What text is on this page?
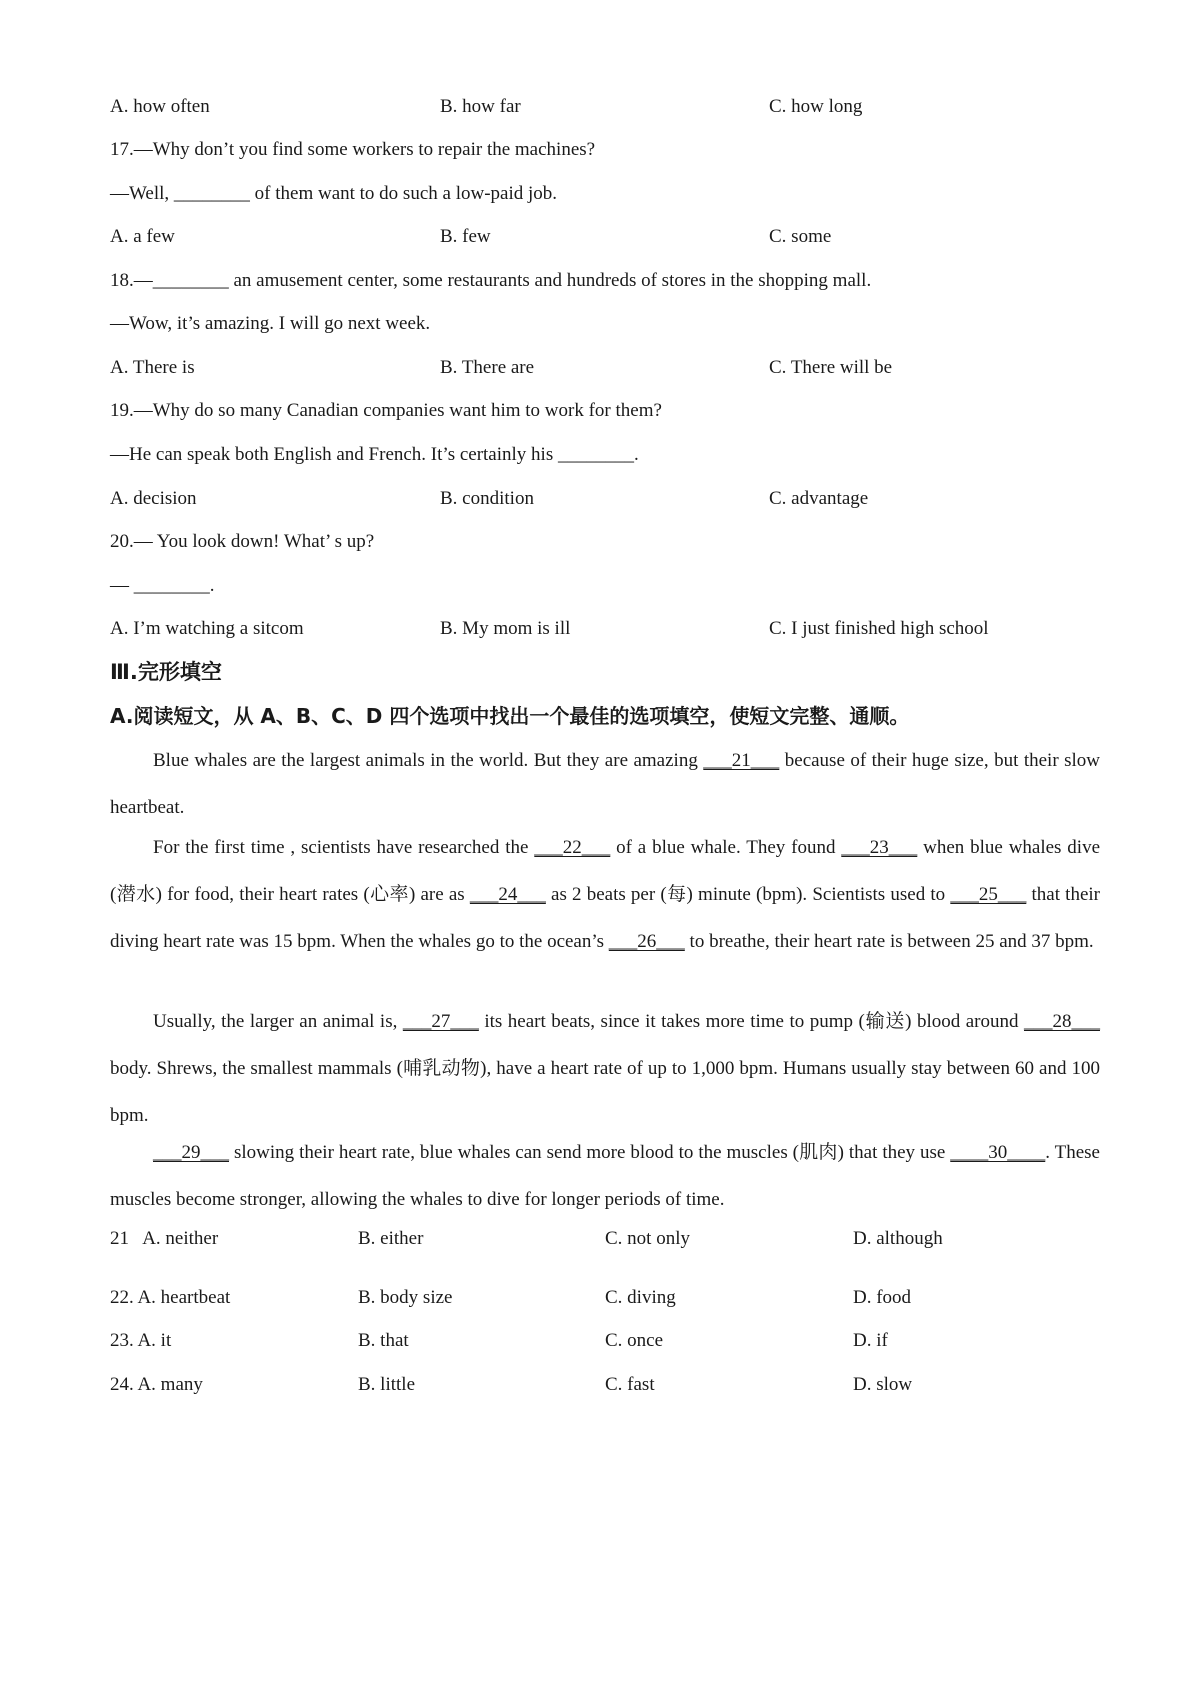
A. how often	B. how far	C. how long
17.—Why don’t you find some workers to repair the machines?
—Well, ________ of them want to do such a low-paid job.
A. a few	B. few	C. some
18.—________ an amusement center, some restaurants and hundreds of stores in the shopping mall.
—Wow, it’s amazing. I will go next week.
A. There is	B. There are	C. There will be
19.—Why do so many Canadian companies want him to work for them?
—He can speak both English and French. It’s certainly his ________.
A. decision	B. condition	C. advantage
20.— You look down! What’ s up?
— ________.
A. I’m watching a sitcom	B. My mom is ill	C. I just finished high school
Ⅲ.完形填空
A.阅读短文，从 A、B、C、D 四个选项中找出一个最佳的选项填空，使短文完整、通顺。
Blue whales are the largest animals in the world. But they are amazing ___21___ because of their huge size, but their slow heartbeat.
For the first time , scientists have researched the ___22___ of a blue whale. They found ___23___ when blue whales dive (潜水) for food, their heart rates (心率) are as ___24___ as 2 beats per (每) minute (bpm). Scientists used to ___25___ that their diving heart rate was 15 bpm. When the whales go to the ocean’s ___26___ to breathe, their heart rate is between 25 and 37 bpm.
Usually, the larger an animal is, ___27___ its heart beats, since it takes more time to pump (输送) blood around ___28___ body. Shrews, the smallest mammals (哺乳动物), have a heart rate of up to 1,000 bpm. Humans usually stay between 60 and 100 bpm.
___29___ slowing their heart rate, blue whales can send more blood to the muscles (肌肉) that they use ____30____. These muscles become stronger, allowing the whales to dive for longer periods of time.
21   A. neither	B. either	C. not only	D. although
22. A. heartbeat	B. body size	C. diving	D. food
23. A. it	B. that	C. once	D. if
24. A. many	B. little	C. fast	D. slow
